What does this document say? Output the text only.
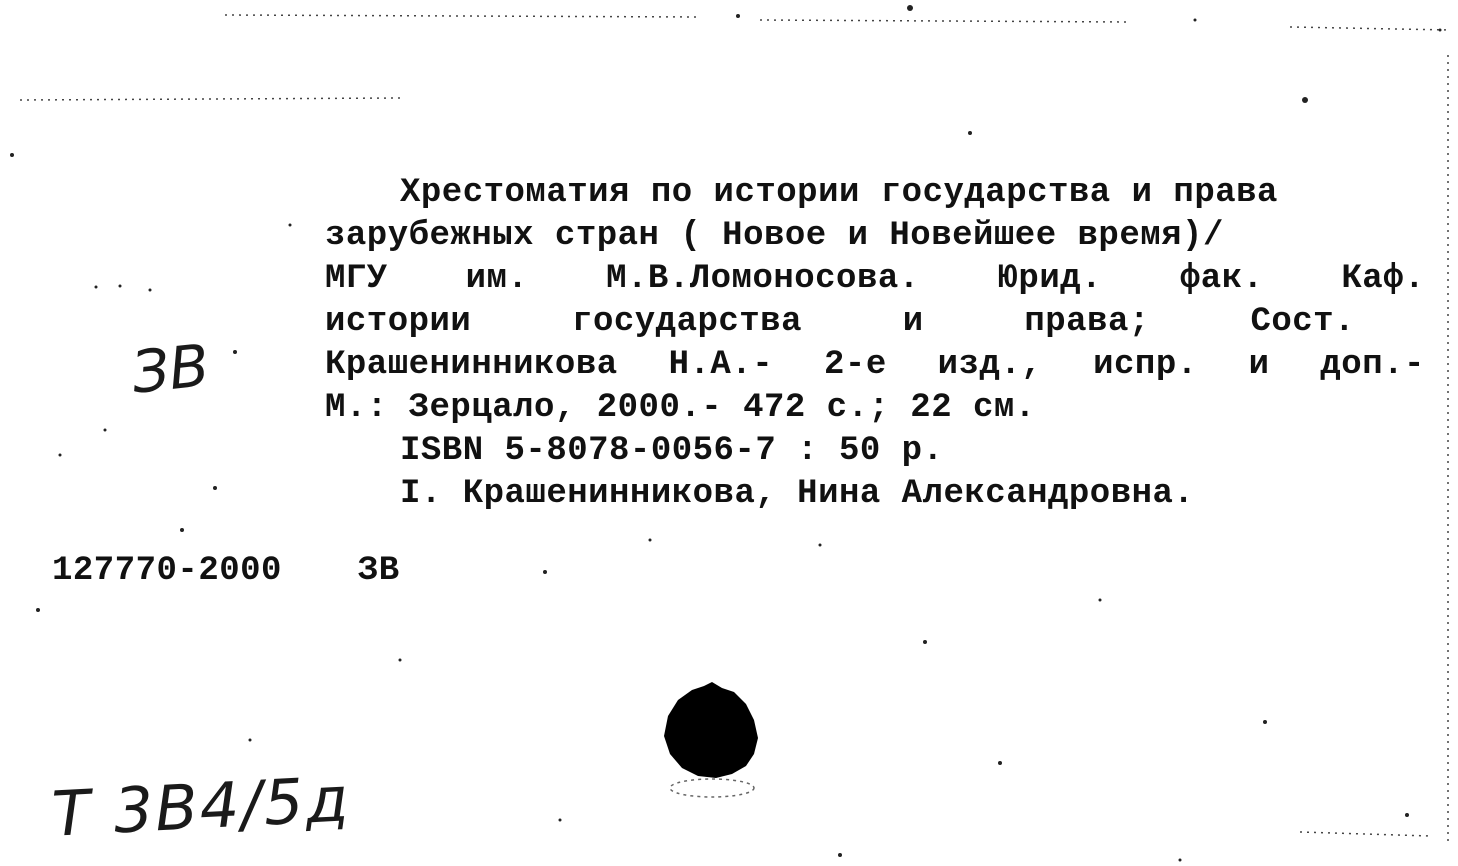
Хрестоматия по истории государства и права
зарубежных стран ( Новое и Новейшее время)/
МГУ им. М.В.Ломоносова. Юрид. фак. Каф.
истории	государства	и	права;	Сост.
Крашенинникова Н.А.- 2-е изд., испр. и доп.-
М.: Зерцало, 2000.- 472 с.; 22 см.
ISBN 5-8078-0056-7 : 50 р.
I. Крашенинникова, Нина Александровна.
127770-2000 ЗВ
ЗВ
Т 3В4/5д
